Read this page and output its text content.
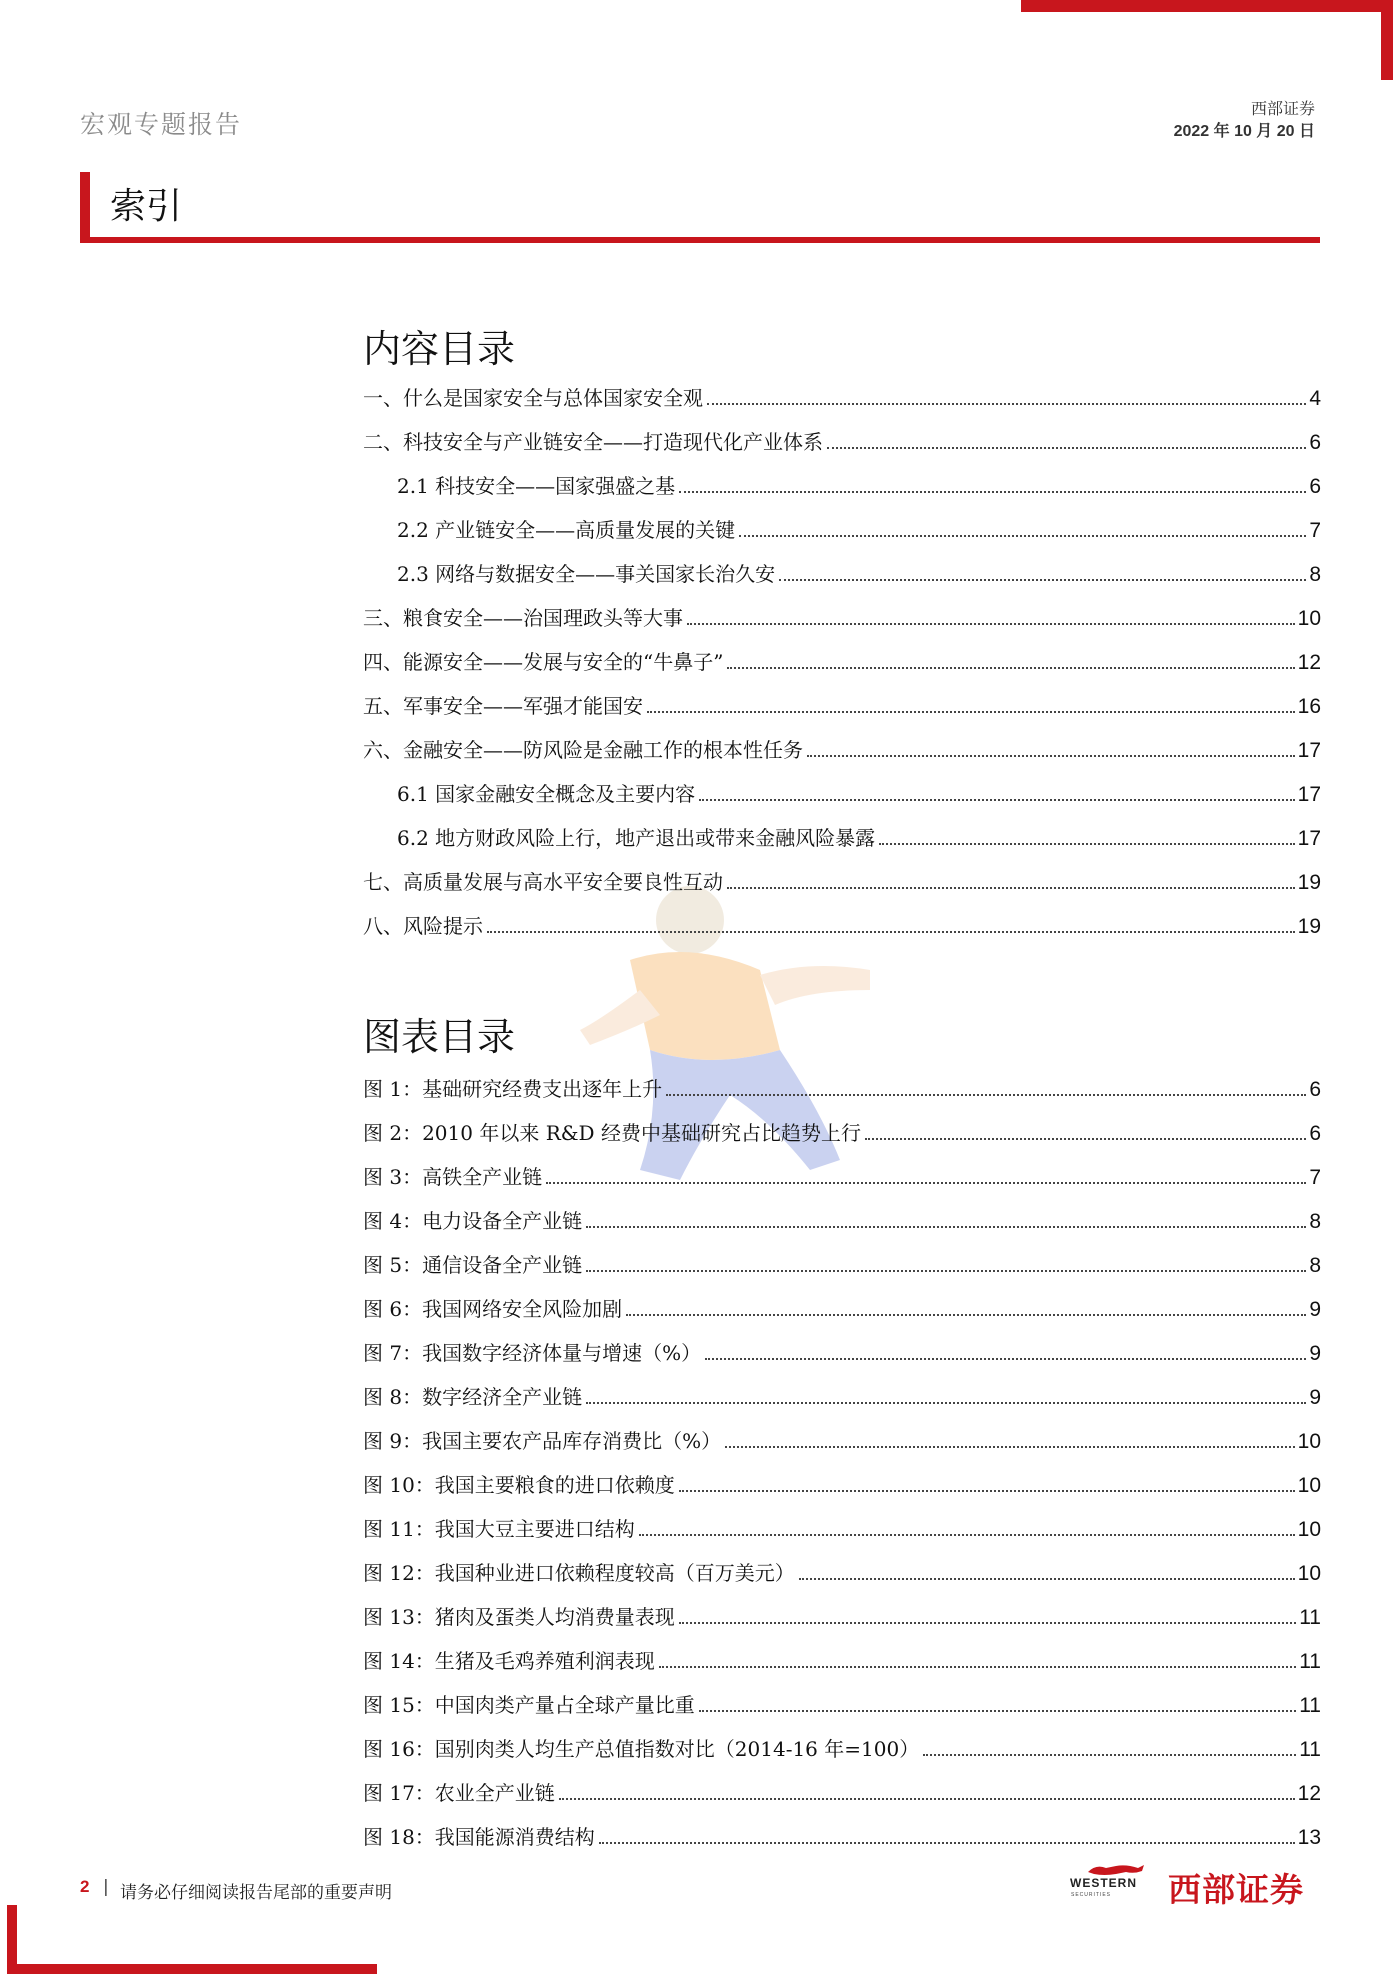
宏观专题报告
西部证券
2022 年 10 月 20 日
索引
内容目录
一、什么是国家安全与总体国家安全观	4
二、科技安全与产业链安全——打造现代化产业体系	6
2.1 科技安全——国家强盛之基	6
2.2 产业链安全——高质量发展的关键	7
2.3 网络与数据安全——事关国家长治久安	8
三、粮食安全——治国理政头等大事	10
四、能源安全——发展与安全的“牛鼻子”	12
五、军事安全——军强才能国安	16
六、金融安全——防风险是金融工作的根本性任务	17
6.1 国家金融安全概念及主要内容	17
6.2 地方财政风险上行，地产退出或带来金融风险暴露	17
七、高质量发展与高水平安全要良性互动	19
八、风险提示	19
图表目录
图 1：基础研究经费支出逐年上升	6
图 2：2010 年以来 R&D 经费中基础研究占比趋势上行	6
图 3：高铁全产业链	7
图 4：电力设备全产业链	8
图 5：通信设备全产业链	8
图 6：我国网络安全风险加剧	9
图 7：我国数字经济体量与增速（%）	9
图 8：数字经济全产业链	9
图 9：我国主要农产品库存消费比（%）	10
图 10：我国主要粮食的进口依赖度	10
图 11：我国大豆主要进口结构	10
图 12：我国种业进口依赖程度较高（百万美元）	10
图 13：猪肉及蛋类人均消费量表现	11
图 14：生猪及毛鸡养殖利润表现	11
图 15：中国肉类产量占全球产量比重	11
图 16：国别肉类人均生产总值指数对比（2014-16 年=100）	11
图 17：农业全产业链	12
图 18：我国能源消费结构	13
2 | 请务必仔细阅读报告尾部的重要声明	WESTERN
SECURITIES 西部证券
